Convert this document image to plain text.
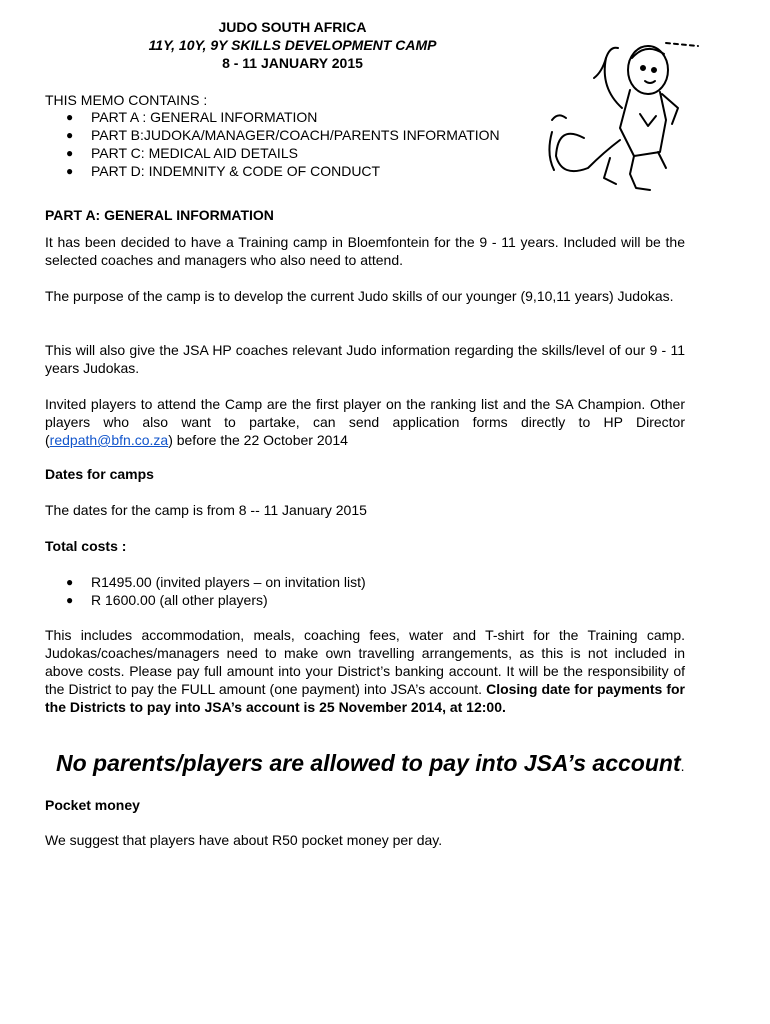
JUDO SOUTH AFRICA
11Y, 10Y, 9Y SKILLS DEVELOPMENT CAMP
8 - 11 JANUARY 2015
THIS MEMO CONTAINS :
● PART A : GENERAL INFORMATION
● PART B:JUDOKA/MANAGER/COACH/PARENTS INFORMATION
● PART C: MEDICAL AID DETAILS
● PART D: INDEMNITY & CODE OF CONDUCT
PART A: GENERAL INFORMATION
It has been decided to have a Training camp in Bloemfontein for the 9 - 11 years. Included will be the selected coaches and managers who also need to attend.
The purpose of the camp is to develop the current Judo skills of our younger (9,10,11 years) Judokas.
This will also give the JSA HP coaches relevant Judo information regarding the skills/level of our 9 - 11 years Judokas.
Invited players to attend the Camp are the first player on the ranking list and the SA Champion. Other players who also want to partake, can send application forms directly to HP Director (redpath@bfn.co.za) before the 22 October 2014
Dates for camps
The dates for the camp is from 8 -- 11 January 2015
Total costs :
● R1495.00 (invited players – on invitation list)
● R 1600.00 (all other players)
This includes accommodation, meals, coaching fees, water and T-shirt for the Training camp. Judokas/coaches/managers need to make own travelling arrangements, as this is not included in above costs. Please pay full amount into your District’s banking account. It will be the responsibility of the District to pay the FULL amount (one payment) into JSA’s account. Closing date for payments for the Districts to pay into JSA’s account is 25 November 2014, at 12:00.
No parents/players are allowed to pay into JSA’s account.
Pocket money
We suggest that players have about R50 pocket money per day.
